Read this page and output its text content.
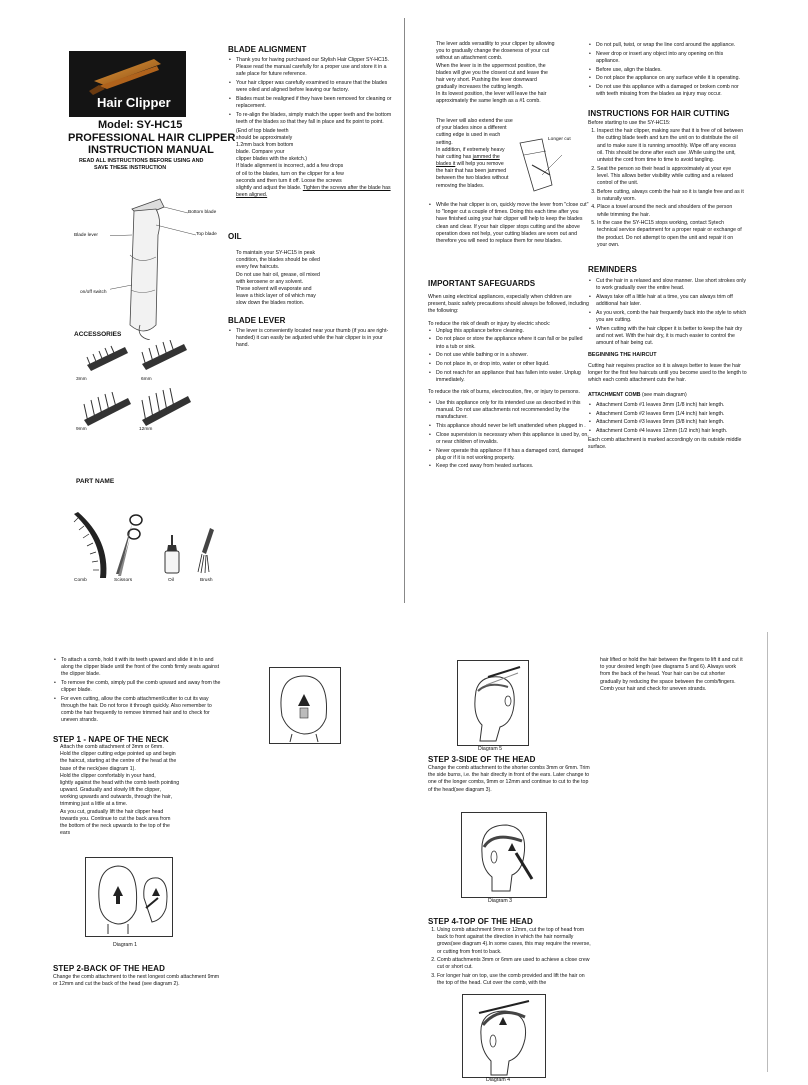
Hair Clipper
Model: SY-HC15
PROFESSIONAL HAIR CLIPPER
INSTRUCTION MANUAL
READ ALL INSTRUCTIONS BEFORE USING AND
SAVE THESE INSTRUCTION
Bottom blade
Top blade
Blade lever
on/off switch
ACCESSORIES
3mm	6mm
9mm	12mm
PART NAME
Comb	Scissors	Oil	Brush
BLADE ALIGNMENT
• Thank you for having purchased our Stylish Hair Clipper SY-HC15. Please read the manual carefully for a proper use and store it in a safe place for future reference.
• Your hair clipper was carefully examined to ensure that the blades were oiled and aligned before leaving our factory.
• Blades must be realigned if they have been removed for cleaning or replacement.
• To re-align the blades, simply match the upper teeth and the bottom teeth of the blades so that they fall in place and fix point to point.
(End of top blade teeth
should be approximately
1.2mm back from bottom
blade. Compare your
clipper blades with the sketch.)
If blade alignment is incorrect, add a few drops
of oil to the blades, turn on the clipper for a few
seconds and then turn it off. Loose the screws
slightly and adjust the blade. Tighten the screws after the blade has been aligned.
OIL
To maintain your SY-HC15 in peak
condition, the blades should be oiled
every few haircuts.
Do not use hair oil, grease, oil mixed
with kerosene or any solvent.
These solvent will evaporate and
leave a thick layer of oil which may
slow down the blades motion.
BLADE LEVER
• The lever is conveniently located near your thumb (if you are right-handed) it can easily be adjusted while the hair clipper is in your hand.
The lever adds versatility to your clipper by allowing
you to gradually change the doseness of your cut
without an attachment comb.
When the lever is in the uppermost position, the
blades will give you the closest cut and leave the
hair very short. Pushing the lever downward
gradually increases the cutting length.
In its lowest position, the lever will leave the hair
approximately the same length as a #1 comb.
The lever will also extend the use
of your blades since a different
cutting edge is used in each
setting.
In addition, if extremely heavy
hair cutting has jammed the
blades it will help you remove
the hair that has been jammed
between the two blades without
removing the blades.
Longer cut
• While the hair clipper is on, quickly move the lever from "close cut" to "longer cut a couple of times. Doing this each time after you have finished using your hair clipper will help to keep the blades clean and clear. If your hair clipper stops cutting and the above operation does not help, your cutting blades are worn out and therefore you will need to replace them for new blades.
IMPORTANT SAFEGUARDS

When using electrical appliances, especially when children are present, basic safety precautions should always be followed, including the following:

To reduce the risk of death or injury by electric shock:

• Unplug this appliance before cleaning.
• Do not place or store the appliance where it can fall or be pulled into a tub or sink.
• Do not use while bathing or in a shower.
• Do not place in, or drop into, water or other liquid.
• Do not reach for an appliance that has fallen into water. Unplug immediately.

To reduce the risk of burns, electrocution, fire, or injury to persons.

• Use this appliance only for its intended use as described in this manual. Do not use attachments not recommended by the manufacturer.
• This appliance should never be left unattended when plugged in .
• Close supervision is necessary when this appliance is used by, on, or near children of invalids.
• Never operate this appliance if it has a damaged cord, damaged plug or if it is not working property.
• Keep the cord away from heated surfaces.
• Do not pull, twist, or wrap the line cord around the appliance.
• Never drop or insert any object into any opening on this appliance.
• Before use, align the blades.
• Do not place the appliance on any surface while it is operating.
• Do not use this appliance with a damaged or broken comb nor with teeth missing from the blades as injury may occur.
INSTRUCTIONS FOR HAIR CUTTING

Before starting to use the SY-HC15:

1. Inspect the hair clipper, making sure that it is free of oil between the cutting blade teeth and turn the unit on to distribute the oil and to make sure it is running smoothly. Wipe off any excess oil. This should be done after each use .While using the unit, untwist the cord from time to time to avoid tangling.
2. Seat the person so their head is approximately at your eye level. This allows better visibility while cutting and a relaxed control of the unit.
3. Before cutting, always comb the hair so it is tangle free and as it is naturally worn.
4. Place a towel around the neck and shoulders of the person while trimming the hair.
5. In the case the SY-HC15 stops working, contact Sytech technical service department for a proper repair or exchange of the product. Do not attempt to open the unit and repair it on your own.
REMINDERS
• Cut the hair in a relaxed and slow manner. Use short strokes only to work gradually over the entire head.
• Always take off a little hair at a time, you can always trim off additional hair later.
• As you work, comb the hair frequently back into the style to which you are cutting.
• When cutting with the hair clipper it is better to keep the hair dry and not wet. With the hair dry, it is much easier to control the amount of hair being cut.
BEGINNING THE HAIRCUT
Cutting hair requires practice so it is always better to leave the hair longer for the first few haircuts until you become used to the length to which each comb attachment cuts the hair.
ATTACHMENT COMB (see main diagram)
• Attachment Comb #1 leaves 3mm (1/8 inch) hair length.
• Attachment Comb #2 leaves 6mm (1/4 inch) hair length.
• Attachment Comb #3 leaves 9mm (3/8 inch) hair length.
• Attachment Comb #4 leaves 12mm (1/2 inch) hair length.
Each comb attachment is marked accordingly on its outside middle surface.
• To attach a comb, hold it with its teeth upward and slide it in to and along the clipper blade until the front of the comb firmly seats against the clipper blade.
• To remove the comb, simply pull the comb upward and away from the clipper blade.
• For even cutting, allow the comb attachment/cutter to cut its way through the hair. Do not force it through quickly. Also remember to comb the hair frequently to remove trimmed hair and to check for uneven strands.
STEP 1 - NAPE OF THE NECK
Attach the comb attachment of 3mm or 6mm.
Hold the clipper cutting edge pointed up and begin
the haircut, starting at the centre of the head at the
base of the neck(see diagram 1).
Hold the clipper comfortably in your hand,
lightly against the head with the comb teeth pointing
upward. Gradually and slowly lift the clipper,
working upwards and outwards, through the hair,
trimming just a little at a time.
As you cut, gradually lift the hair clipper head
towards you. Continue to cut the back area from
the bottom of the neck upwards to the top of the
ears
Diagram 1
STEP 2-BACK OF THE HEAD
Change the comb attachment to the next longest comb attachment 9mm or 12mm and cut the back of the head (see diagram 2).
Diagram 5
STEP 3-SIDE OF THE HEAD
Change the comb attachment to the shorter combs 3mm or 6mm. Trim the side burns, i.e. the hair directly in front of the ears. Later change to one of the longer combs, 9mm or 12mm and continue to cut to the top of the head(see diagram 3).
Diagram 3
STEP 4-TOP OF THE HEAD
1. Using comb attachment 9mm or 12mm, cut the top of head from back to front against the direction in which the hair normally grows(see diagram 4).In some cases, this may require the reverse, or cutting from front to back.
2. Comb attachments 3mm or 6mm are used to achieve a close crew cut or short cut.
3. For longer hair on top, use the comb provided and lift the hair on the top of the head. Cut over the comb, with the
Diagram 4
hair lifted or hold the hair between the fingers to lift it and cut it to your desired length (see diagrams 5 and 6). Always work from the back of the head. Your hair can be cut shorter gradually by reducing the space between the comb/fingers. Comb your hair and check for uneven strands.
